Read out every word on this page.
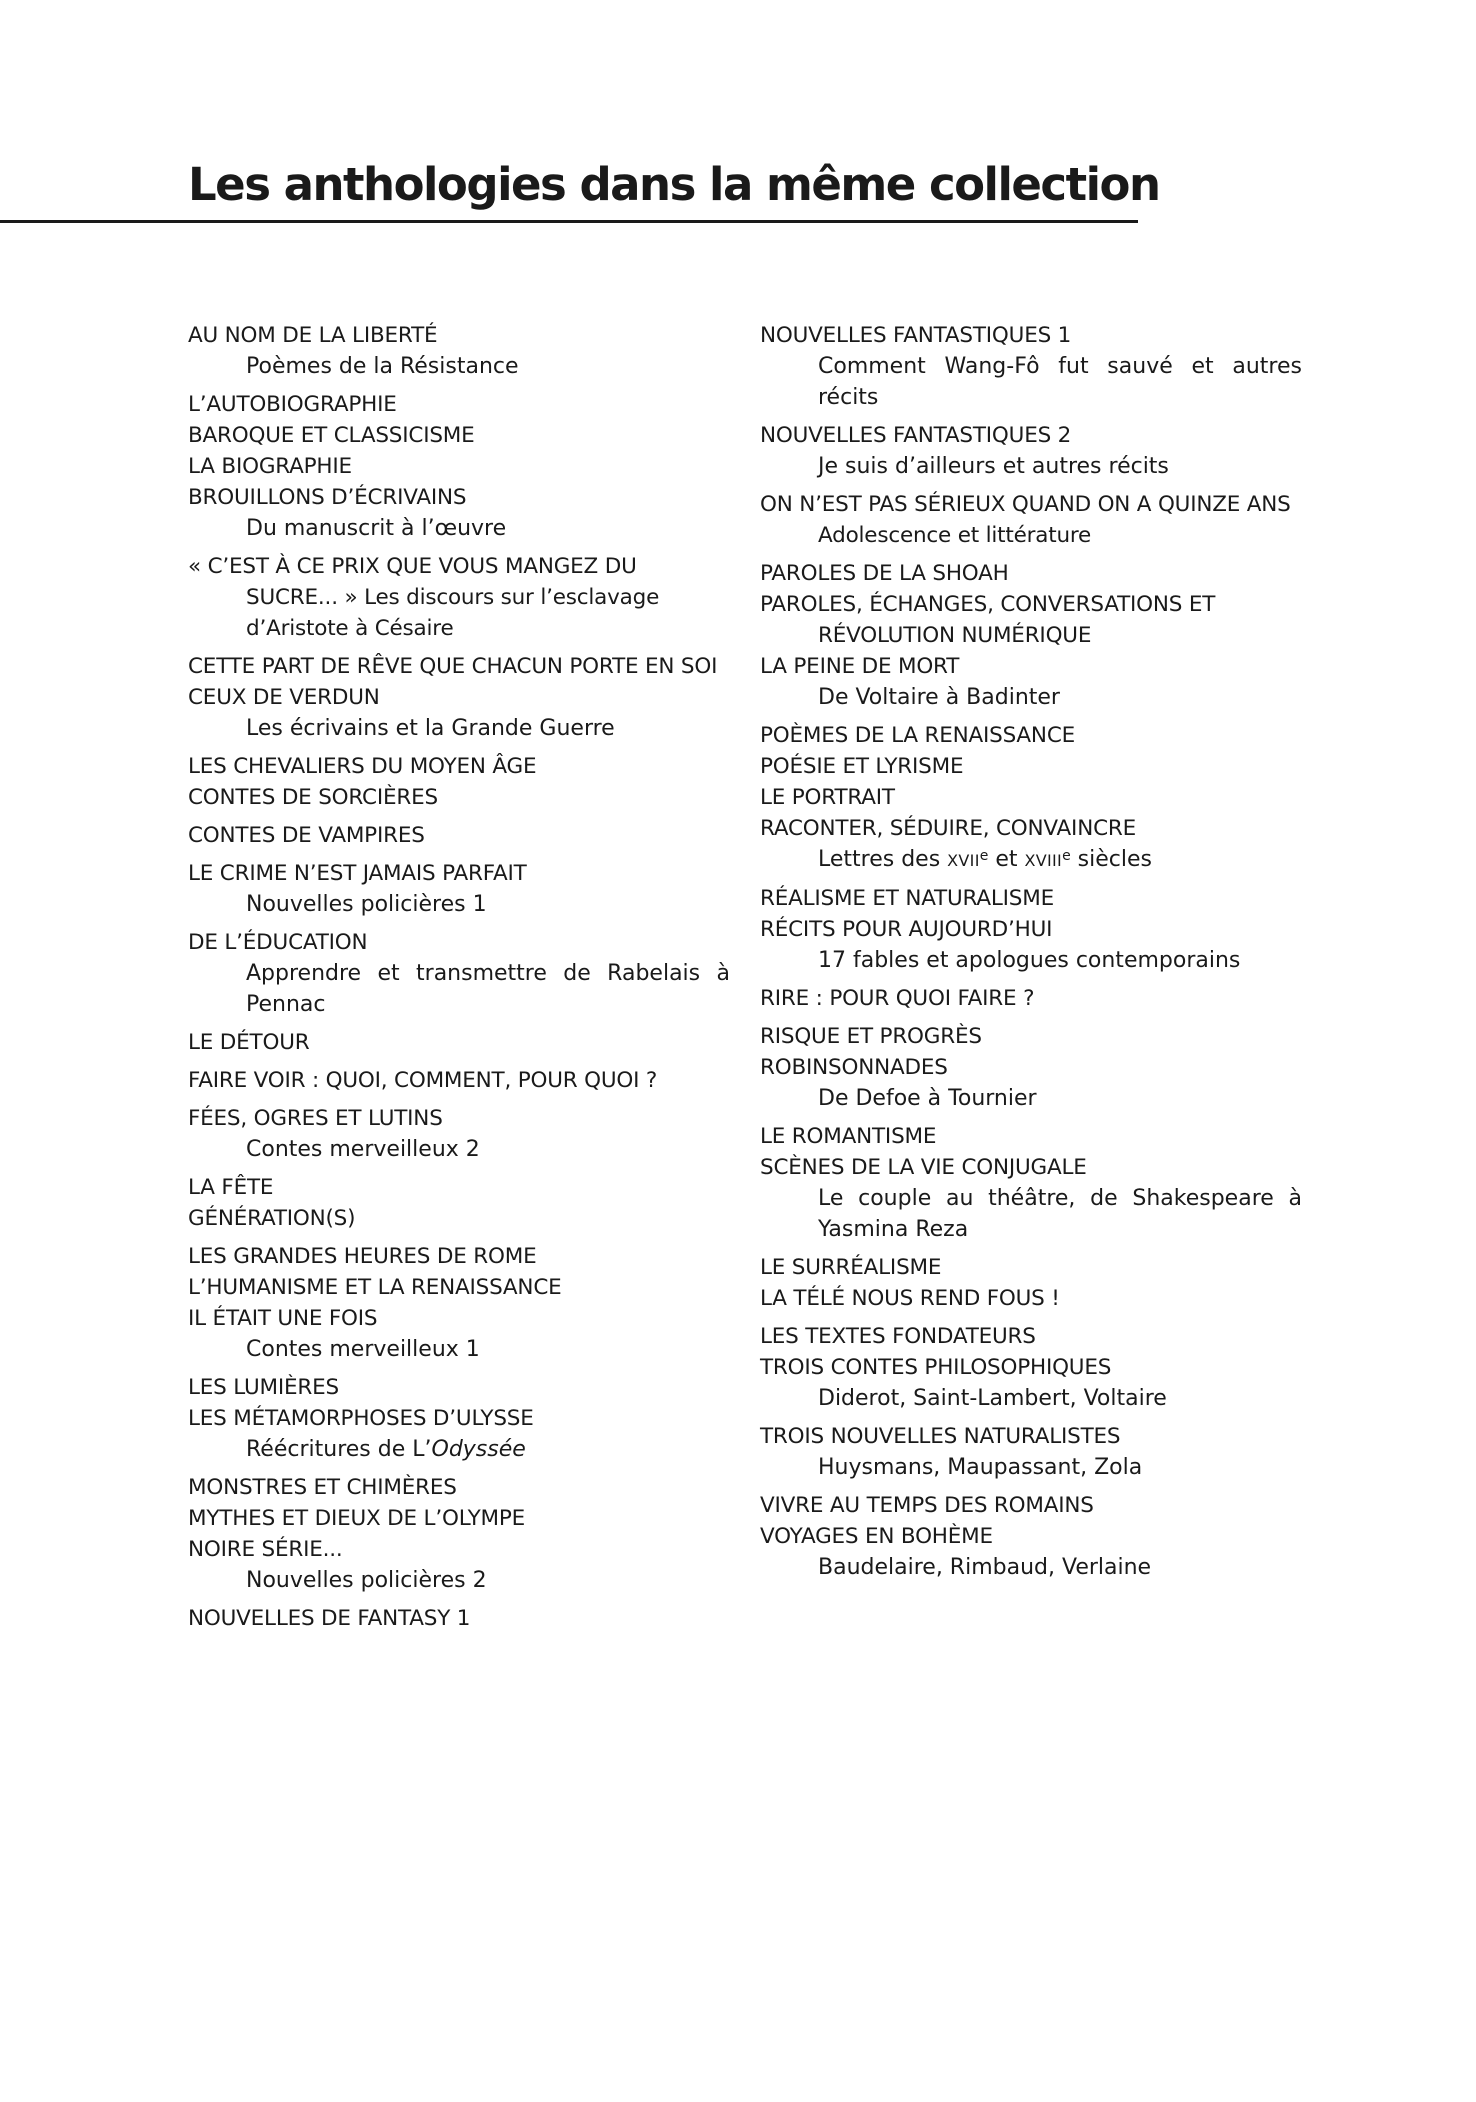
Les anthologies dans la même collection
AU NOM DE LA LIBERTÉ
Poèmes de la Résistance
L’AUTOBIOGRAPHIE
BAROQUE ET CLASSICISME
LA BIOGRAPHIE
BROUILLONS D’ÉCRIVAINS
Du manuscrit à l’œuvre
« C’EST À CE PRIX QUE VOUS MANGEZ DU SUCRE... » Les discours sur l’esclavage d’Aristote à Césaire
CETTE PART DE RÊVE QUE CHACUN PORTE EN SOI
CEUX DE VERDUN
Les écrivains et la Grande Guerre
LES CHEVALIERS DU MOYEN ÂGE
CONTES DE SORCIÈRES
CONTES DE VAMPIRES
LE CRIME N’EST JAMAIS PARFAIT
Nouvelles policières 1
DE L’ÉDUCATION
Apprendre et transmettre de Rabelais à Pennac
LE DÉTOUR
FAIRE VOIR : QUOI, COMMENT, POUR QUOI ?
FÉES, OGRES ET LUTINS
Contes merveilleux 2
LA FÊTE
GÉNÉRATION(S)
LES GRANDES HEURES DE ROME
L’HUMANISME ET LA RENAISSANCE
IL ÉTAIT UNE FOIS
Contes merveilleux 1
LES LUMIÈRES
LES MÉTAMORPHOSES D’ULYSSE
Réécritures de L’Odyssée
MONSTRES ET CHIMÈRES
MYTHES ET DIEUX DE L’OLYMPE
NOIRE SÉRIE...
Nouvelles policières 2
NOUVELLES DE FANTASY 1
NOUVELLES FANTASTIQUES 1
Comment Wang-Fô fut sauvé et autres récits
NOUVELLES FANTASTIQUES 2
Je suis d’ailleurs et autres récits
ON N’EST PAS SÉRIEUX QUAND ON A QUINZE ANS Adolescence et littérature
PAROLES DE LA SHOAH
PAROLES, ÉCHANGES, CONVERSATIONS ET RÉVOLUTION NUMÉRIQUE
LA PEINE DE MORT
De Voltaire à Badinter
POÈMES DE LA RENAISSANCE
POÉSIE ET LYRISME
LE PORTRAIT
RACONTER, SÉDUIRE, CONVAINCRE
Lettres des XVIIe et XVIIIe siècles
RÉALISME ET NATURALISME
RÉCITS POUR AUJOURD’HUI
17 fables et apologues contemporains
RIRE : POUR QUOI FAIRE ?
RISQUE ET PROGRÈS
ROBINSONNADES
De Defoe à Tournier
LE ROMANTISME
SCÈNES DE LA VIE CONJUGALE
Le couple au théâtre, de Shakespeare à Yasmina Reza
LE SURRÉALISME
LA TÉLÉ NOUS REND FOUS !
LES TEXTES FONDATEURS
TROIS CONTES PHILOSOPHIQUES
Diderot, Saint-Lambert, Voltaire
TROIS NOUVELLES NATURALISTES
Huysmans, Maupassant, Zola
VIVRE AU TEMPS DES ROMAINS
VOYAGES EN BOHÈME
Baudelaire, Rimbaud, Verlaine
